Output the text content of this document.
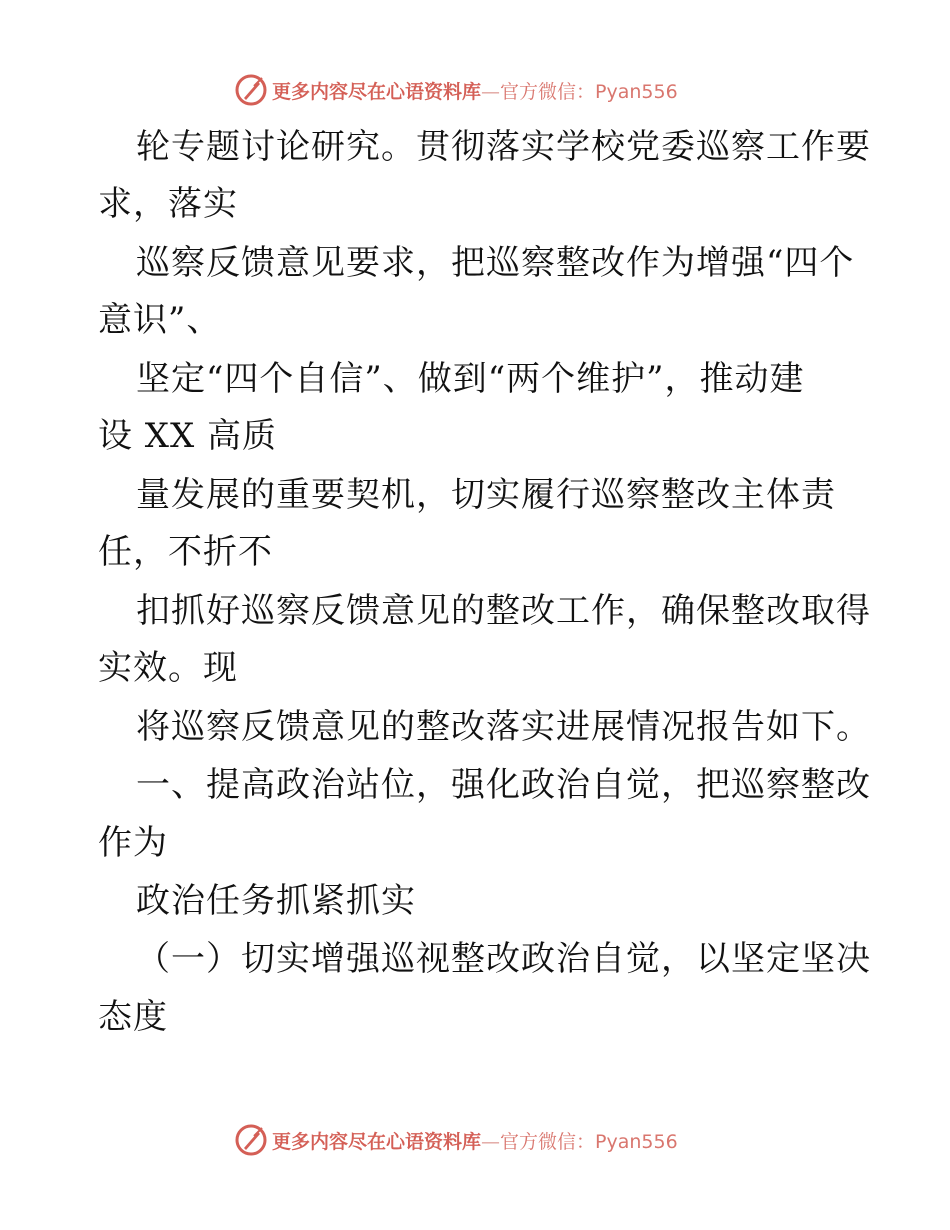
更多内容尽在心语资料库—官方微信：Pyan556
轮专题讨论研究。贯彻落实学校党委巡察工作要
求，落实
巡察反馈意见要求，把巡察整改作为增强“四个
意识”、
坚定“四个自信”、做到“两个维护”，推动建
设 XX 高质
量发展的重要契机，切实履行巡察整改主体责
任，不折不
扣抓好巡察反馈意见的整改工作，确保整改取得
实效。现
将巡察反馈意见的整改落实进展情况报告如下。
一、提高政治站位，强化政治自觉，把巡察整改
作为
政治任务抓紧抓实
（一）切实增强巡视整改政治自觉，以坚定坚决
态度
更多内容尽在心语资料库—官方微信：Pyan556
